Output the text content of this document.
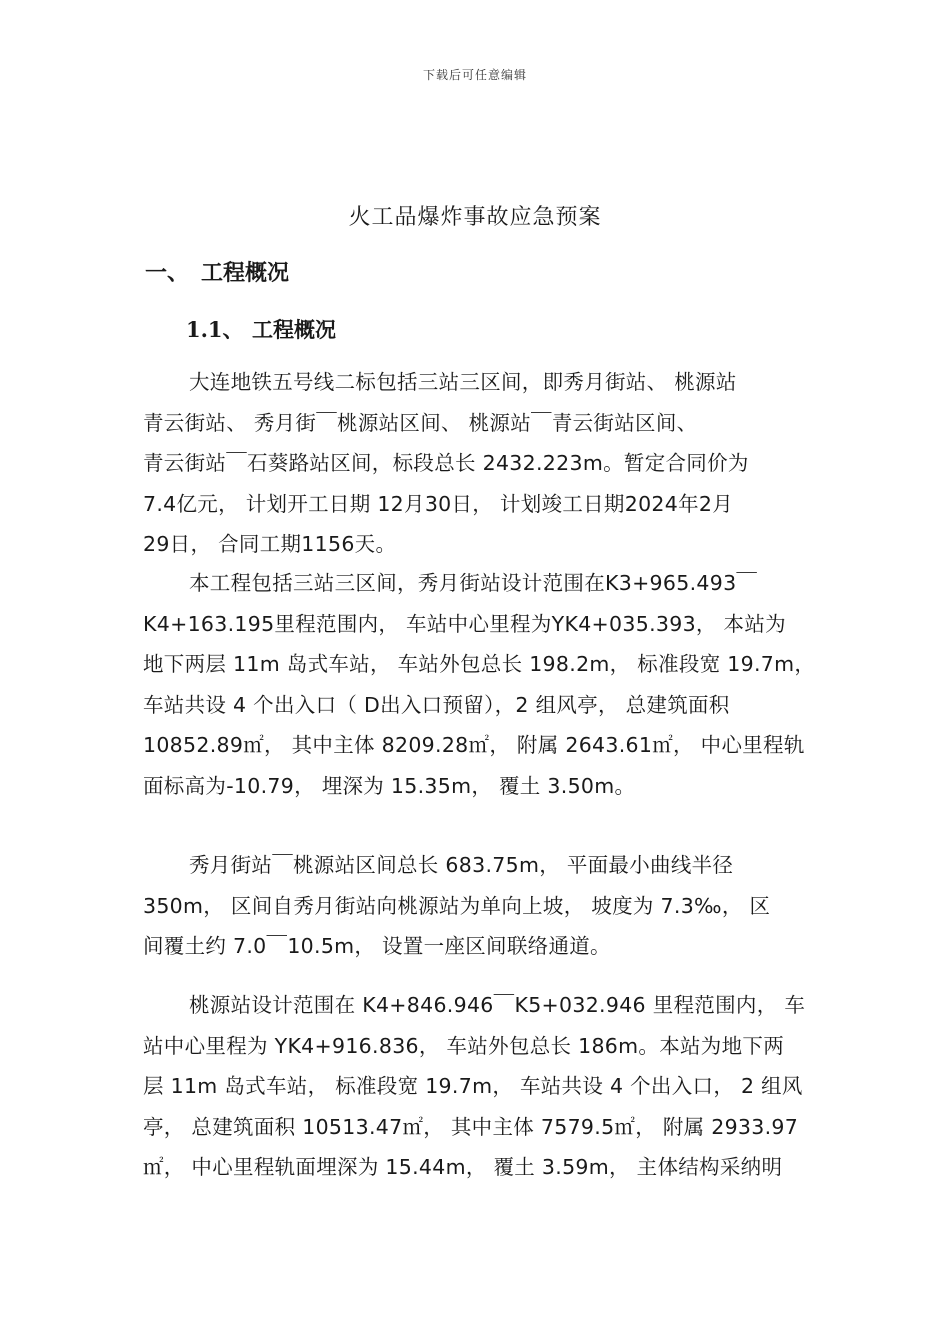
下载后可任意编辑
火工品爆炸事故应急预案
一、 工程概况
1.1、 工程概况
大连地铁五号线二标包括三站三区间，即秀月街站、 桃源站
青云街站、 秀月街￣桃源站区间、 桃源站￣青云街站区间、
青云街站￣石葵路站区间，标段总长 2432.223m。暂定合同价为
7.4亿元， 计划开工日期 12月30日， 计划竣工日期2024年2月
29日， 合同工期1156天。
本工程包括三站三区间，秀月街站设计范围在K3+965.493￣
K4+163.195里程范围内， 车站中心里程为YK4+035.393， 本站为
地下两层 11m 岛式车站， 车站外包总长 198.2m， 标准段宽 19.7m，
车站共设 4 个出入口（ D出入口预留），2 组风亭， 总建筑面积
10852.89㎡， 其中主体 8209.28㎡， 附属 2643.61㎡， 中心里程轨
面标高为-10.79， 埋深为 15.35m， 覆土 3.50m。
秀月街站￣桃源站区间总长 683.75m， 平面最小曲线半径
350m， 区间自秀月街站向桃源站为单向上坡， 坡度为 7.3‰， 区
间覆土约 7.0￣10.5m， 设置一座区间联络通道。
桃源站设计范围在 K4+846.946￣K5+032.946 里程范围内， 车
站中心里程为 YK4+916.836， 车站外包总长 186m。本站为地下两
层 11m 岛式车站， 标准段宽 19.7m， 车站共设 4 个出入口， 2 组风
亭， 总建筑面积 10513.47㎡， 其中主体 7579.5㎡， 附属 2933.97
㎡， 中心里程轨面埋深为 15.44m， 覆土 3.59m， 主体结构采纳明
